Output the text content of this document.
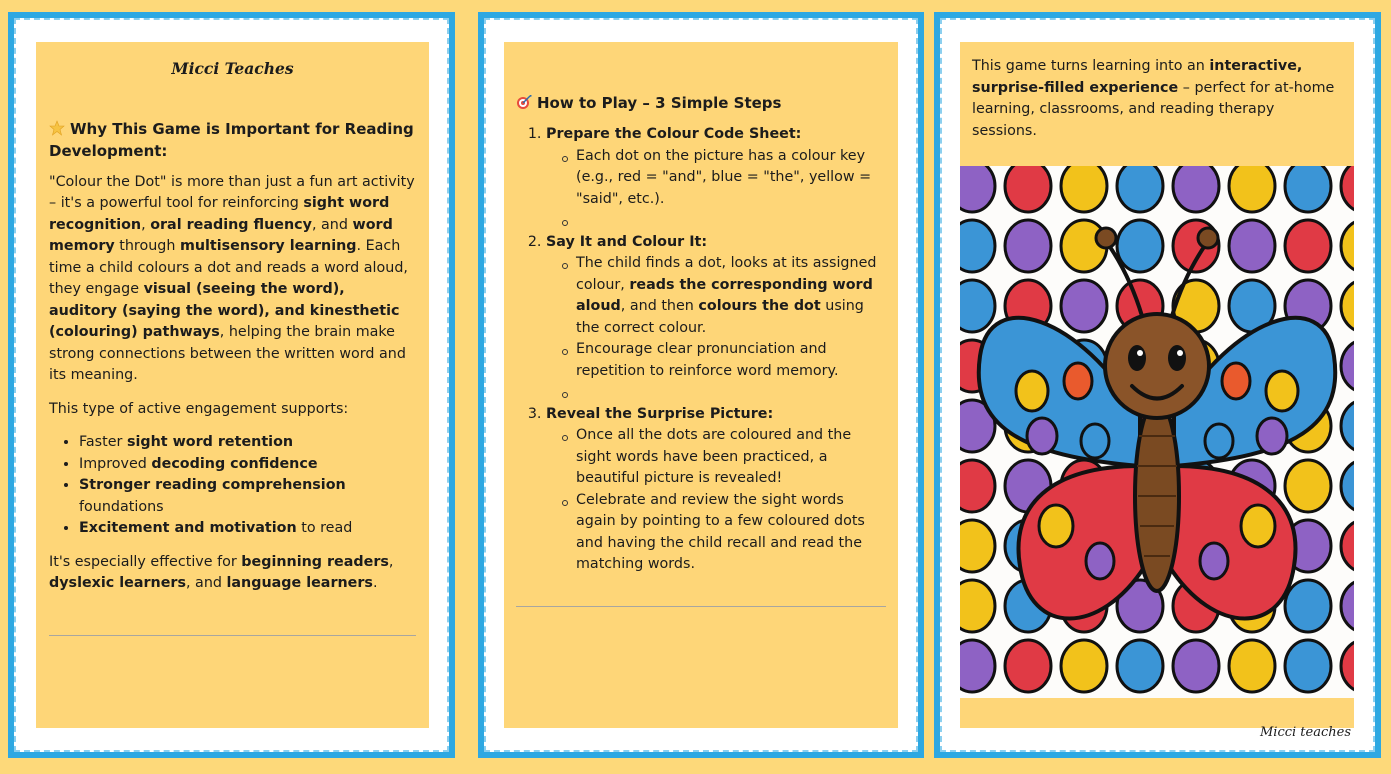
Micci Teaches
Why This Game is Important for Reading Development:

"Colour the Dot" is more than just a fun art activity – it's a powerful tool for reinforcing sight word recognition, oral reading fluency, and word memory through multisensory learning. Each time a child colours a dot and reads a word aloud, they engage visual (seeing the word), auditory (saying the word), and kinesthetic (colouring) pathways, helping the brain make strong connections between the written word and its meaning.

This type of active engagement supports:

• Faster sight word retention
• Improved decoding confidence
• Stronger reading comprehension foundations
• Excitement and motivation to read

It's especially effective for beginning readers, dyslexic learners, and language learners.

How to Play – 3 Simple Steps
1. Prepare the Colour Code Sheet:
Each dot on the picture has a colour key (e.g., red = "and", blue = "the", yellow = "said", etc.).
2. Say It and Colour It:
The child finds a dot, looks at its assigned colour, reads the corresponding word aloud, and then colours the dot using the correct colour.
Encourage clear pronunciation and repetition to reinforce word memory.
3. Reveal the Surprise Picture:
Once all the dots are coloured and the sight words have been practiced, a beautiful picture is revealed!
Celebrate and review the sight words again by pointing to a few coloured dots and having the child recall and read the matching words.

This game turns learning into an interactive, surprise-filled experience – perfect for at-home learning, classrooms, and reading therapy sessions.

Micci teaches
